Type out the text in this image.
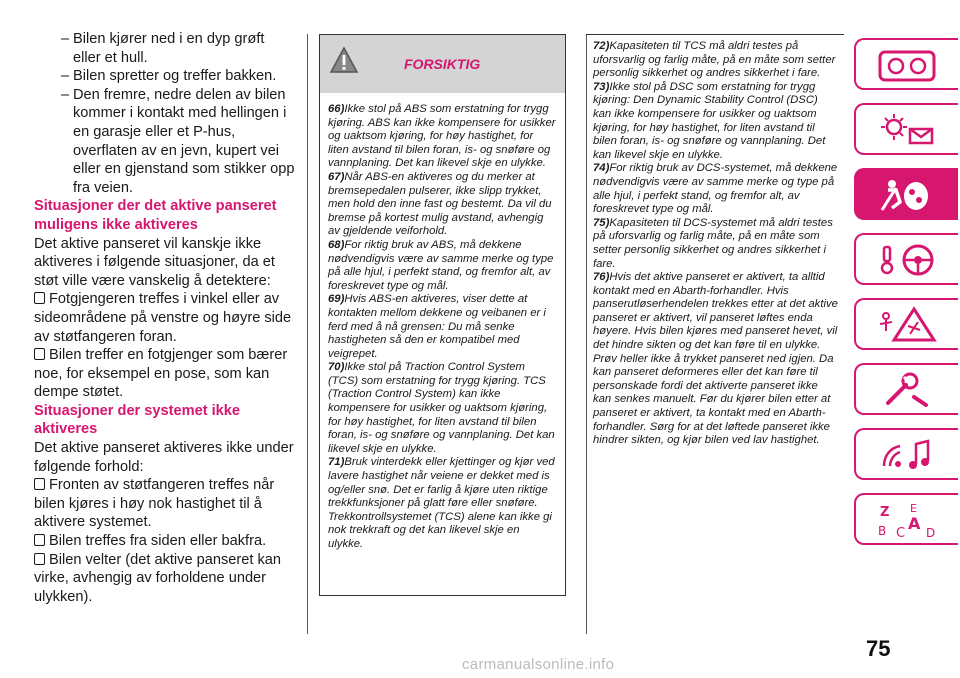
– Bilen kjører ned i en dyp grøft eller et hull.

– Bilen spretter og treffer bakken.

– Den fremre, nedre delen av bilen kommer i kontakt med hellingen i en garasje eller et P-hus, overflaten av en jevn, kupert vei eller en gjenstand som stikker opp fra veien.

Situasjoner der det aktive panseret muligens ikke aktiveres

Det aktive panseret vil kanskje ikke aktiveres i følgende situasjoner, da et støt ville være vanskelig å detektere:

Fotgjengeren treffes i vinkel eller av sideområdene på venstre og høyre side av støtfangeren foran.

Bilen treffer en fotgjenger som bærer noe, for eksempel en pose, som kan dempe støtet.

Situasjoner der systemet ikke aktiveres

Det aktive panseret aktiveres ikke under følgende forhold:

Fronten av støtfangeren treffes når bilen kjøres i høy nok hastighet til å aktivere systemet.

Bilen treffes fra siden eller bakfra.

Bilen velter (det aktive panseret kan virke, avhengig av forholdene under ulykken).

FORSIKTIG

66)Ikke stol på ABS som erstatning for trygg kjøring. ABS kan ikke kompensere for usikker og uaktsom kjøring, for høy hastighet, for liten avstand til bilen foran, is- og snøføre og vannplaning. Det kan likevel skje en ulykke.

67)Når ABS-en aktiveres og du merker at bremsepedalen pulserer, ikke slipp trykket, men hold den inne fast og bestemt. Da vil du bremse på kortest mulig avstand, avhengig av gjeldende veiforhold.

68)For riktig bruk av ABS, må dekkene nødvendigvis være av samme merke og type på alle hjul, i perfekt stand, og fremfor alt, av foreskrevet type og mål.

69)Hvis ABS-en aktiveres, viser dette at kontakten mellom dekkene og veibanen er i ferd med å nå grensen: Du må senke hastigheten så den er kompatibel med veigrepet.

70)Ikke stol på Traction Control System (TCS) som erstatning for trygg kjøring. TCS (Traction Control System) kan ikke kompensere for usikker og uaktsom kjøring, for høy hastighet, for liten avstand til bilen foran, is- og snøføre og vannplaning. Det kan likevel skje en ulykke.

71)Bruk vinterdekk eller kjettinger og kjør ved lavere hastighet når veiene er dekket med is og/eller snø. Det er farlig å kjøre uten riktige trekkfunksjoner på glatt føre eller snøføre. Trekkontrollsystemet (TCS) alene kan ikke gi nok trekkraft og det kan likevel skje en ulykke.

72)Kapasiteten til TCS må aldri testes på uforsvarlig og farlig måte, på en måte som setter personlig sikkerhet og andres sikkerhet i fare.

73)Ikke stol på DSC som erstatning for trygg kjøring: Den Dynamic Stability Control (DSC) kan ikke kompensere for usikker og uaktsom kjøring, for høy hastighet, for liten avstand til bilen foran, is- og snøføre og vannplaning. Det kan likevel skje en ulykke.

74)For riktig bruk av DCS-systemet, må dekkene nødvendigvis være av samme merke og type på alle hjul, i perfekt stand, og fremfor alt, av foreskrevet type og mål.

75)Kapasiteten til DCS-systemet må aldri testes på uforsvarlig og farlig måte, på en måte som setter personlig sikkerhet og andres sikkerhet i fare.

76)Hvis det aktive panseret er aktivert, ta alltid kontakt med en Abarth-forhandler. Hvis panserutløserhendelen trekkes etter at det aktive panseret er aktivert, vil panseret løftes enda høyere. Hvis bilen kjøres med panseret hevet, vil det hindre sikten og det kan føre til en ulykke. Prøv heller ikke å trykket panseret ned igjen. Da kan panseret deformeres eller det kan føre til personskade fordi det aktiverte panseret ikke kan senkes manuelt. Før du kjører bilen etter at panseret er aktivert, ta kontakt med en Abarth-forhandler. Sørg for at det løftede panseret ikke hindrer sikten, og kjør bilen ved lav hastighet.

Z E
B C
A D
75
carmanualsonline.info
